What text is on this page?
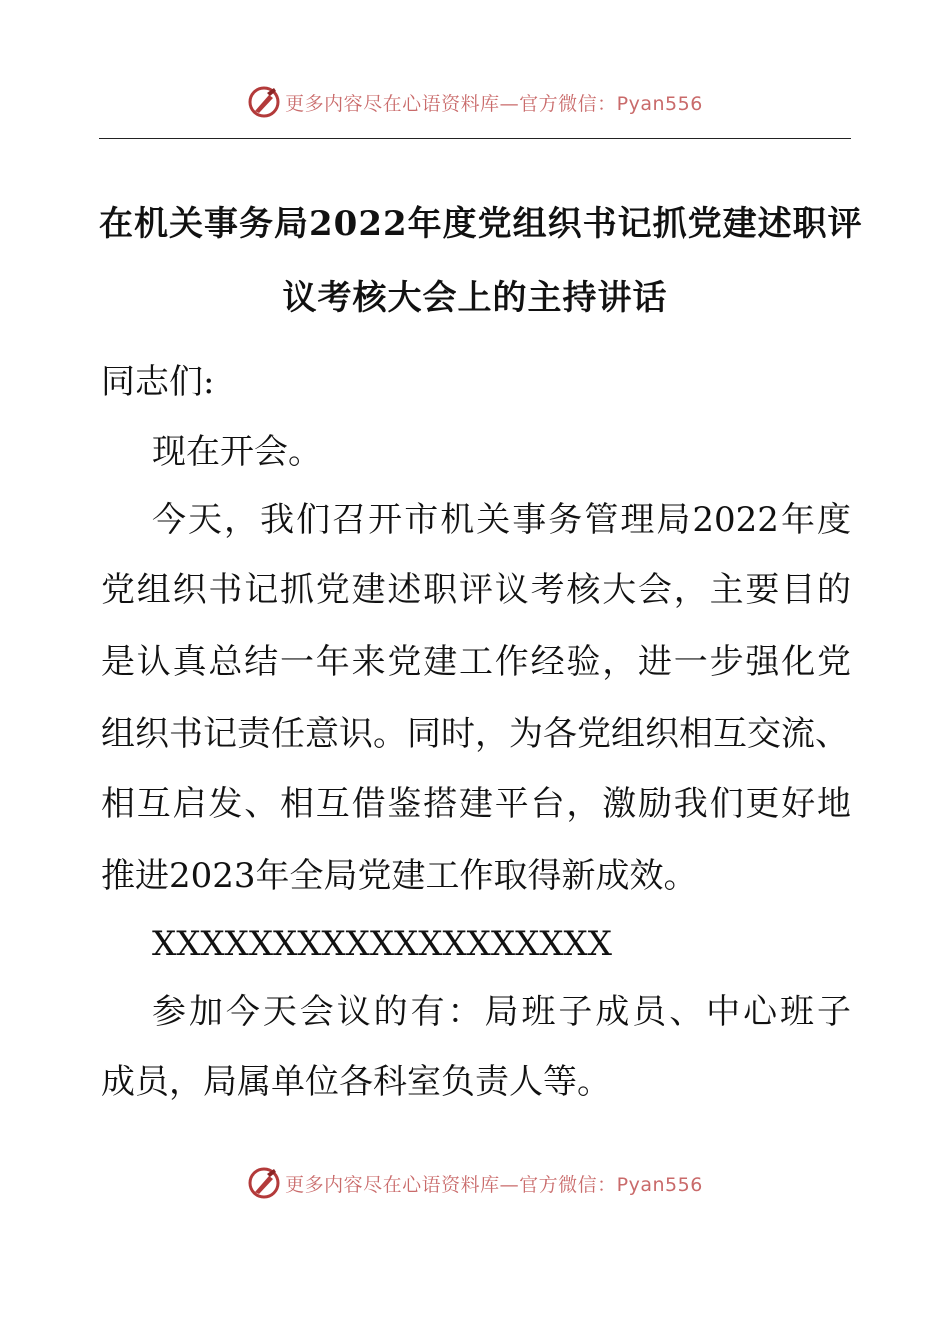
更多内容尽在心语资料库—官方微信：Pyan556
在机关事务局2022年度党组织书记抓党建述职评
议考核大会上的主持讲话
同志们:
现在开会。
今天，我们召开市机关事务管理局2022年度
党组织书记抓党建述职评议考核大会，主要目的
是认真总结一年来党建工作经验，进一步强化党
组织书记责任意识。同时，为各党组织相互交流、
相互启发、相互借鉴搭建平台，激励我们更好地
推进2023年全局党建工作取得新成效。
XXXXXXXXXXXXXXXXXXX
参加今天会议的有：局班子成员、中心班子
成员，局属单位各科室负责人等。
更多内容尽在心语资料库—官方微信：Pyan556
